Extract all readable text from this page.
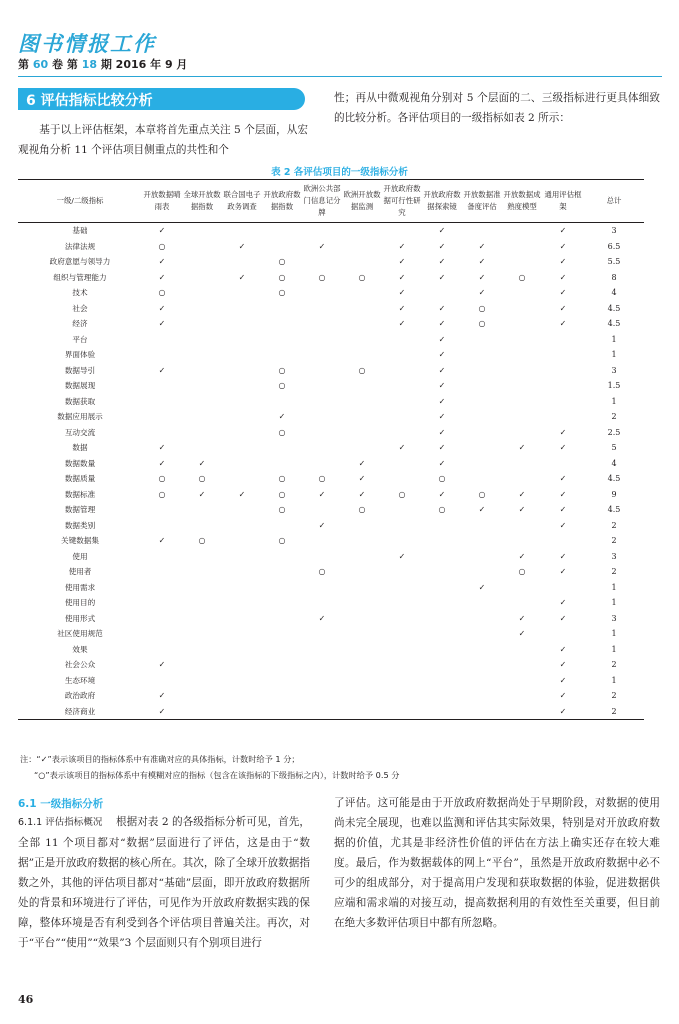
图书情报工作
第 60 卷 第 18 期 2016 年 9 月
6 评估指标比较分析
基于以上评估框架，本章将首先重点关注 5 个层面，从宏观视角分析 11 个评估项目侧重点的共性和个
性；再从中微观视角分别对 5 个层面的二、三级指标进行更具体细致的比较分析。各评估项目的一级指标如表 2 所示：
表 2 各评估项目的一级指标分析
一级/二级指标	开放数据晴雨表	全球开放数据指数	联合国电子政务调查	开放政府数据指数	欧洲公共部门信息记分牌	欧洲开放数据监测	开放政府数据可行性研究	开放政府数据探索镜	开放数据准备度评估	开放数据成熟度模型	通用评估框架	总计
基础	✓							✓			✓	3
法律法规	○		✓		✓		✓	✓	✓		✓	6.5
政府意愿与领导力	✓			○			✓	✓	✓		✓	5.5
组织与管理能力	✓		✓	○	○	○	✓	✓	✓	○	✓	8
技术	○			○			✓		✓		✓	4
社会	✓						✓	✓	○		✓	4.5
经济	✓						✓	✓	○		✓	4.5
平台								✓				1
界面体验								✓				1
数据导引	✓			○		○		✓				3
数据展现				○				✓				1.5
数据获取								✓				1
数据应用展示				✓				✓				2
互动交流				○				✓			✓	2.5
数据	✓						✓	✓		✓	✓	5
数据数量	✓	✓				✓		✓				4
数据质量	○	○		○	○	✓		○			✓	4.5
数据标准	○	✓	✓	○	✓	✓	○	✓	○	✓	✓	9
数据管理				○		○		○	✓	✓	✓	4.5
数据类别					✓						✓	2
关键数据集	✓	○		○								2
使用							✓			✓	✓	3
使用者					○					○	✓	2
使用需求									✓			1
使用目的											✓	1
使用形式					✓					✓	✓	3
社区使用规范										✓		1
效果											✓	1
社会公众	✓										✓	2
生态环境											✓	1
政治政府	✓										✓	2
经济商业	✓										✓	2
注：“✓”表示该项目的指标体系中有准确对应的具体指标，计数时给予 1 分；
“○”表示该项目的指标体系中有模糊对应的指标（包含在该指标的下级指标之内），计数时给予 0.5 分
6.1 一级指标分析
6.1.1 评估指标概况 根据对表 2 的各级指标分析可见，首先，全部 11 个项目都对“数据”层面进行了评估，这是由于“数据”正是开放政府数据的核心所在。其次，除了全球开放数据指数之外，其他的评估项目都对“基础”层面，即开放政府数据所处的背景和环境进行了评估，可见作为开放政府数据实践的保障，整体环境是否有利受到各个评估项目普遍关注。再次，对于“平台”“使用”“效果”3 个层面则只有个别项目进行
了评估。这可能是由于开放政府数据尚处于早期阶段，对数据的使用尚未完全展现，也难以监测和评估其实际效果，特别是对开放政府数据的价值，尤其是非经济性价值的评估在方法上确实还存在较大难度。最后，作为数据载体的网上“平台”，虽然是开放政府数据中必不可少的组成部分，对于提高用户发现和获取数据的体验，促进数据供应端和需求端的对接互动，提高数据利用的有效性至关重要，但目前在绝大多数评估项目中都有所忽略。
46
